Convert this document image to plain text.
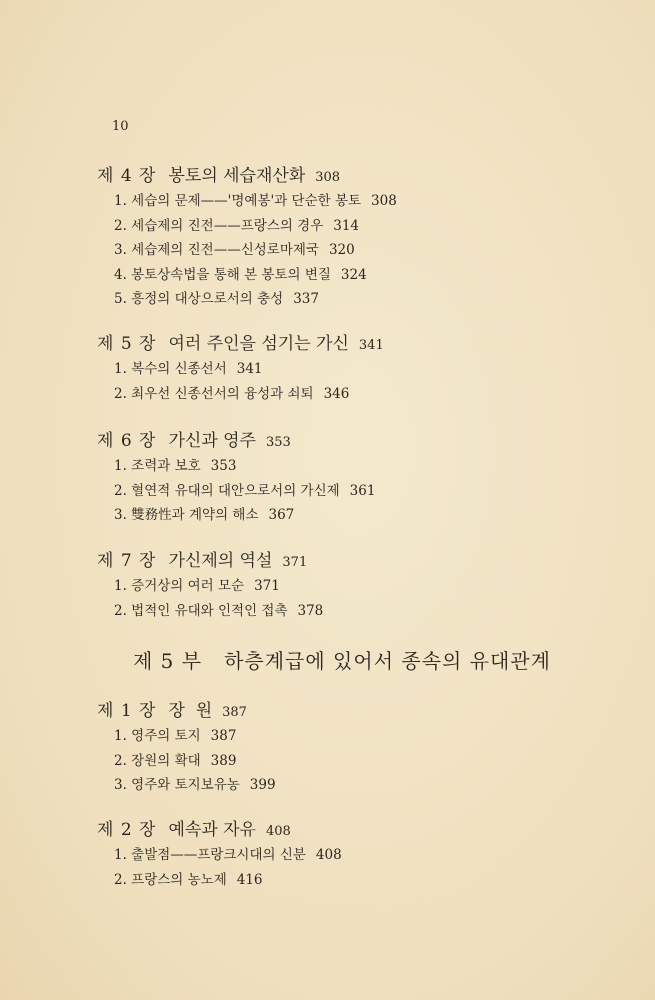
10
제 4 장 봉토의 세습재산화 308
1. 세습의 문제——'명예봉'과 단순한 봉토 308
2. 세습제의 진전——프랑스의 경우 314
3. 세습제의 진전——신성로마제국 320
4. 봉토상속법을 통해 본 봉토의 변질 324
5. 흥정의 대상으로서의 충성 337
제 5 장 여러 주인을 섬기는 가신 341
1. 복수의 신종선서 341
2. 최우선 신종선서의 융성과 쇠퇴 346
제 6 장 가신과 영주 353
1. 조력과 보호 353
2. 혈연적 유대의 대안으로서의 가신제 361
3. 雙務性과 계약의 해소 367
제 7 장 가신제의 역설 371
1. 증거상의 여러 모순 371
2. 법적인 유대와 인적인 접촉 378
제 5 부 하층계급에 있어서 종속의 유대관계
제 1 장 장  원 387
1. 영주의 토지 387
2. 장원의 확대 389
3. 영주와 토지보유농 399
제 2 장 예속과 자유 408
1. 출발점——프랑크시대의 신분 408
2. 프랑스의 농노제 416
